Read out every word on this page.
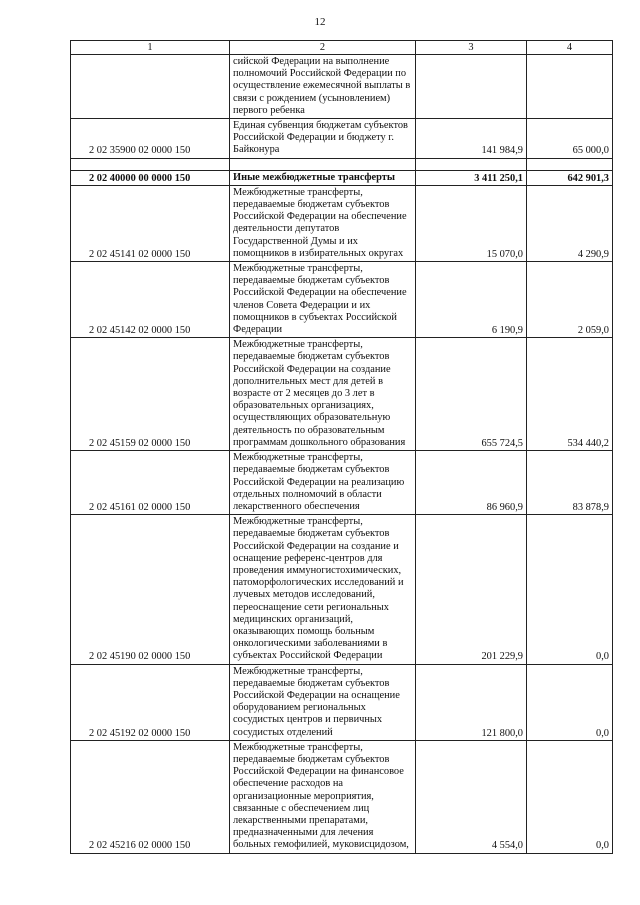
12
1	2	3	4
	сийской Федерации на выполнение полномочий Российской Федерации по осуществление ежемесячной выплаты в связи с рождением (усыновлением) первого ребенка		
2 02 35900 02 0000 150	Единая субвенция бюджетам субъектов Российской Федерации и бюджету г. Байконура	141 984,9	65 000,0

2 02 40000 00 0000 150	Иные межбюджетные трансферты	3 411 250,1	642 901,3
2 02 45141 02 0000 150	Межбюджетные трансферты, передаваемые бюджетам субъектов Российской Федерации на обеспечение деятельности депутатов Государственной Думы и их помощников в избирательных округах	15 070,0	4 290,9
2 02 45142 02 0000 150	Межбюджетные трансферты, передаваемые бюджетам субъектов Российской Федерации на обеспечение членов Совета Федерации и их помощников в субъектах Российской Федерации	6 190,9	2 059,0
2 02 45159 02 0000 150	Межбюджетные трансферты, передаваемые бюджетам субъектов Российской Федерации на создание дополнительных мест для детей в возрасте от 2 месяцев до 3 лет в образовательных организациях, осуществляющих образовательную деятельность по образовательным программам дошкольного образования	655 724,5	534 440,2
2 02 45161 02 0000 150	Межбюджетные трансферты, передаваемые бюджетам субъектов Российской Федерации на реализацию отдельных полномочий в области лекарственного обеспечения	86 960,9	83 878,9
2 02 45190 02 0000 150	Межбюджетные трансферты, передаваемые бюджетам субъектов Российской Федерации на создание и оснащение референс-центров для проведения иммуногистохимических, патоморфологических исследований и лучевых методов исследований, переоснащение сети региональных медицинских организаций, оказывающих помощь больным онкологическими заболеваниями в субъектах Российской Федерации	201 229,9	0,0
2 02 45192 02 0000 150	Межбюджетные трансферты, передаваемые бюджетам субъектов Российской Федерации на оснащение оборудованием региональных сосудистых центров и первичных сосудистых отделений	121 800,0	0,0
2 02 45216 02 0000 150	Межбюджетные трансферты, передаваемые бюджетам субъектов Российской Федерации на финансовое обеспечение расходов на организационные мероприятия, связанные с обеспечением лиц лекарственными препаратами, предназначенными для лечения больных гемофилией, муковисцидозом,	4 554,0	0,0
